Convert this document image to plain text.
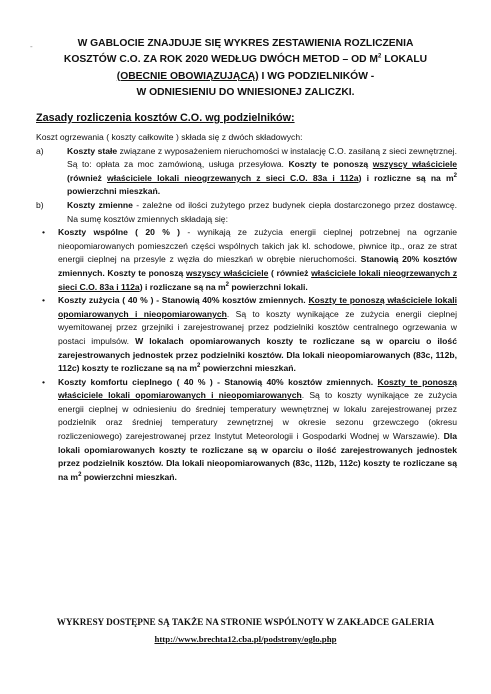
-	W GABLOCIE ZNAJDUJE SIĘ WYKRES ZESTAWIENIA ROZLICZENIA
KOSZTÓW C.O. ZA ROK 2020 WEDŁUG DWÓCH METOD – OD $M^2$ LOKALU
(OBECNIE OBOWIĄZUJĄCĄ) I WG PODZIELNIKÓW -
W ODNIESIENIU DO WNIESIONEJ ZALICZKI.
Zasady rozliczenia kosztów C.O. wg podzielników:
Koszt ogrzewania ( koszty całkowite ) składa się z dwóch składowych:
a)	Koszty stałe związane z wyposażeniem nieruchomości w instalację C.O. zasilaną z sieci zewnętrznej. Są to: opłata za moc zamówioną, usługa przesyłowa. Koszty te ponoszą wszyscy właściciele (również właściciele lokali nieogrzewanych z sieci C.O. 83a i 112a) i rozliczne są na $m^2$ powierzchni mieszkań.
b)	Koszty zmienne - zależne od ilości zużytego przez budynek ciepła dostarczonego przez dostawcę. Na sumę kosztów zmiennych składają się:
•	Koszty wspólne ( 20 % ) - wynikają ze zużycia energii cieplnej potrzebnej na ogrzanie nieopomiarowanych pomieszczeń części wspólnych takich jak kl. schodowe, piwnice itp., oraz ze strat energii cieplnej na przesyle z węzła do mieszkań w obrębie nieruchomości. Stanowią 20% kosztów zmiennych. Koszty te ponoszą wszyscy właściciele ( również właściciele lokali nieogrzewanych z sieci C.O. 83a i 112a) i rozliczane są na $m^2$ powierzchni lokali.
•	Koszty zużycia ( 40 % ) - Stanowią 40% kosztów zmiennych. Koszty te ponoszą właściciele lokali opomiarowanych i nieopomiarowanych. Są to koszty wynikające ze zużycia energii cieplnej wyemitowanej przez grzejniki i zarejestrowanej przez podzielniki kosztów centralnego ogrzewania w postaci impulsów. W lokalach opomiarowanych koszty te rozliczane są w oparciu o ilość zarejestrowanych jednostek przez podzielniki kosztów. Dla lokali nieopomiarowanych (83c, 112b, 112c) koszty te rozliczane są na $m^2$ powierzchni mieszkań.
•	Koszty komfortu cieplnego ( 40 % ) - Stanowią 40% kosztów zmiennych. Koszty te ponoszą właściciele lokali opomiarowanych i nieopomiarowanych. Są to koszty wynikające ze zużycia energii cieplnej w odniesieniu do średniej temperatury wewnętrznej w lokalu zarejestrowanej przez podzielnik oraz średniej temperatury zewnętrznej w okresie sezonu grzewczego (okresu rozliczeniowego) zarejestrowanej przez Instytut Meteorologii i Gospodarki Wodnej w Warszawie). Dla lokali opomiarowanych koszty te rozliczane są w oparciu o ilość zarejestrowanych jednostek przez podzielnik kosztów. Dla lokali nieopomiarowanych (83c, 112b, 112c) koszty te rozliczane są na $m^2$ powierzchni mieszkań.
WYKRESY DOSTĘPNE SĄ TAKŻE NA STRONIE WSPÓLNOTY W ZAKŁADCE GALERIA
http://www.brechta12.cba.pl/podstrony/oglo.php
